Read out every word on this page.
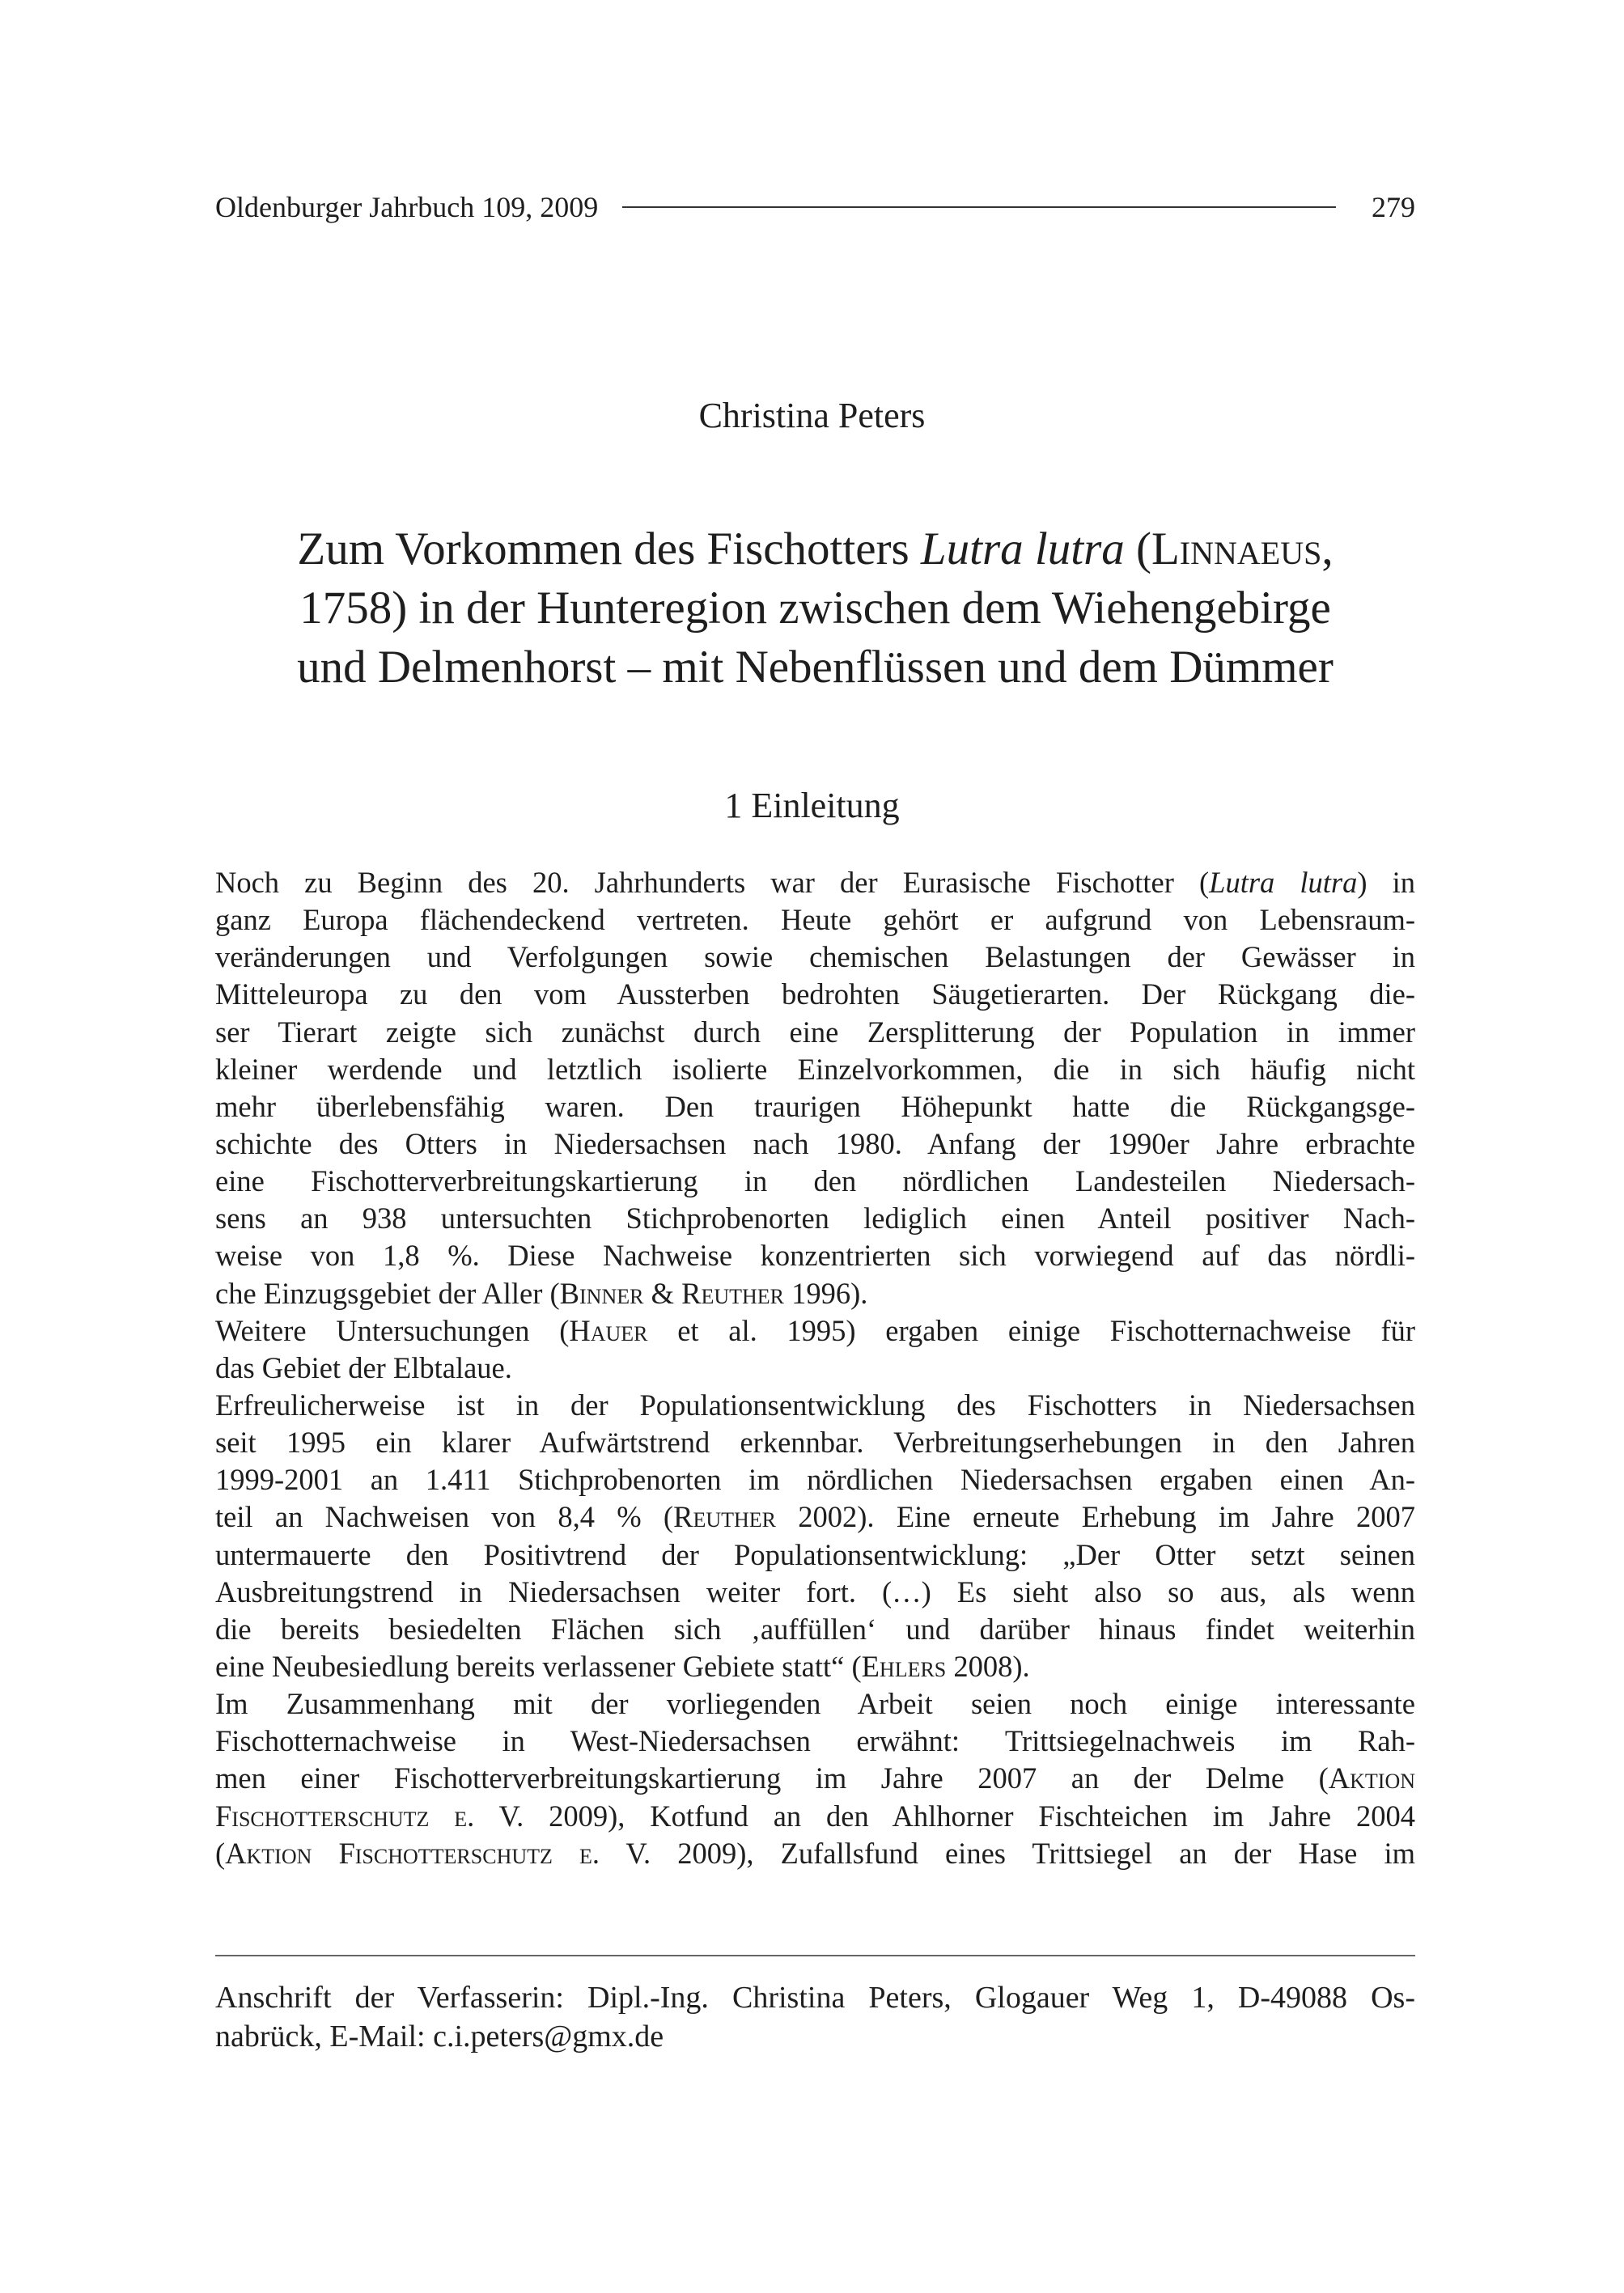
Oldenburger Jahrbuch 109, 2009	279
Christina Peters
Zum Vorkommen des Fischotters Lutra lutra (Linnaeus,
1758) in der Hunteregion zwischen dem Wiehengebirge
und Delmenhorst – mit Nebenflüssen und dem Dümmer
1 Einleitung
Noch zu Beginn des 20. Jahrhunderts war der Eurasische Fischotter (Lutra lutra) in
ganz Europa flächendeckend vertreten. Heute gehört er aufgrund von Lebensraum-
veränderungen und Verfolgungen sowie chemischen Belastungen der Gewässer in
Mitteleuropa zu den vom Aussterben bedrohten Säugetierarten. Der Rückgang die-
ser Tierart zeigte sich zunächst durch eine Zersplitterung der Population in immer
kleiner werdende und letztlich isolierte Einzelvorkommen, die in sich häufig nicht
mehr überlebensfähig waren. Den traurigen Höhepunkt hatte die Rückgangsge-
schichte des Otters in Niedersachsen nach 1980. Anfang der 1990er Jahre erbrachte
eine Fischotterverbreitungskartierung in den nördlichen Landesteilen Niedersach-
sens an 938 untersuchten Stichprobenorten lediglich einen Anteil positiver Nach-
weise von 1,8 %. Diese Nachweise konzentrierten sich vorwiegend auf das nördli-
che Einzugsgebiet der Aller (Binner & Reuther 1996).
Weitere Untersuchungen (Hauer et al. 1995) ergaben einige Fischotternachweise für
das Gebiet der Elbtalaue.
Erfreulicherweise ist in der Populationsentwicklung des Fischotters in Niedersachsen
seit 1995 ein klarer Aufwärtstrend erkennbar. Verbreitungserhebungen in den Jahren
1999-2001 an 1.411 Stichprobenorten im nördlichen Niedersachsen ergaben einen An-
teil an Nachweisen von 8,4 % (Reuther 2002). Eine erneute Erhebung im Jahre 2007
untermauerte den Positivtrend der Populationsentwicklung: „Der Otter setzt seinen
Ausbreitungstrend in Niedersachsen weiter fort. (…) Es sieht also so aus, als wenn
die bereits besiedelten Flächen sich ‚auffüllen‘ und darüber hinaus findet weiterhin
eine Neubesiedlung bereits verlassener Gebiete statt“ (Ehlers 2008).
Im Zusammenhang mit der vorliegenden Arbeit seien noch einige interessante
Fischotternachweise in West-Niedersachsen erwähnt: Trittsiegelnachweis im Rah-
men einer Fischotterverbreitungskartierung im Jahre 2007 an der Delme (Aktion
Fischotterschutz e. V. 2009), Kotfund an den Ahlhorner Fischteichen im Jahre 2004
(Aktion Fischotterschutz e. V. 2009), Zufallsfund eines Trittsiegel an der Hase im
Anschrift der Verfasserin: Dipl.-Ing. Christina Peters, Glogauer Weg 1, D-49088 Os-
nabrück, E-Mail: c.i.peters@gmx.de
